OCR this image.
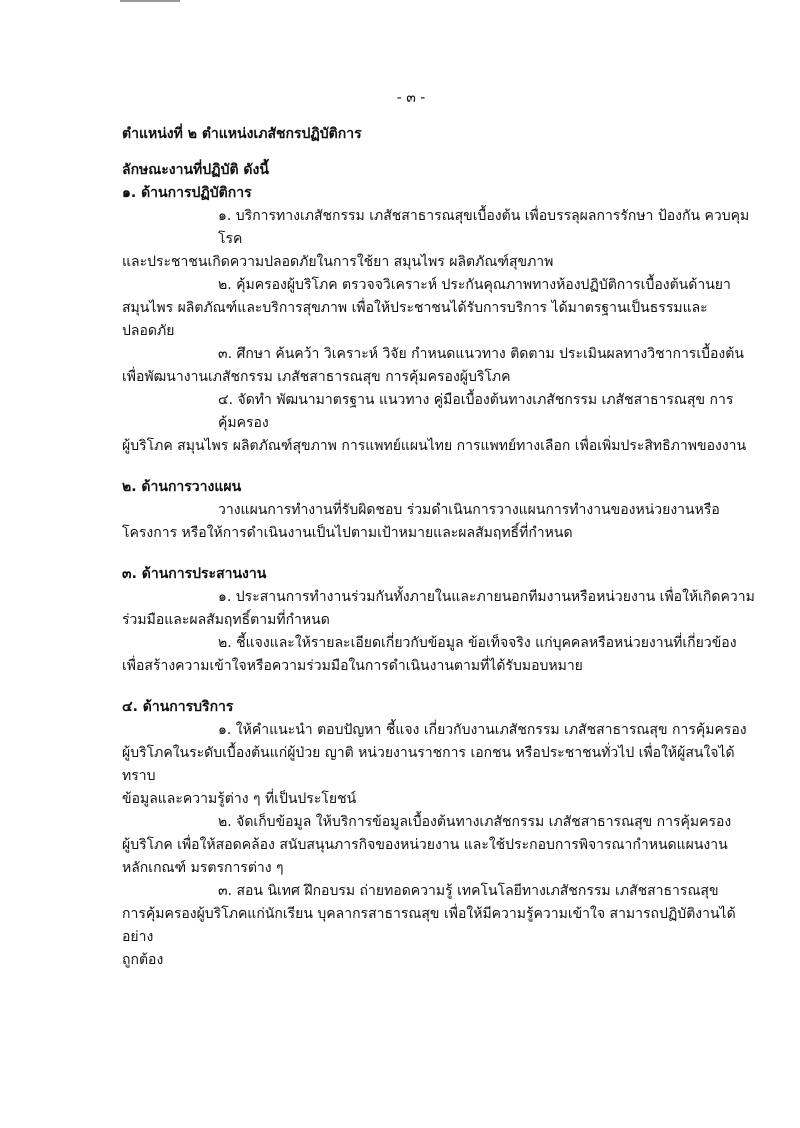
- ๓ -
ตำแหน่งที่ ๒ ตำแหน่งเภสัชกรปฏิบัติการ
ลักษณะงานที่ปฏิบัติ ดังนี้
๑. ด้านการปฏิบัติการ
๑. บริการทางเภสัชกรรม เภสัชสาธารณสุขเบื้องต้น เพื่อบรรลุผลการรักษา ป้องกัน ควบคุมโรค
และประชาชนเกิดความปลอดภัยในการใช้ยา สมุนไพร ผลิตภัณฑ์สุขภาพ
๒. คุ้มครองผู้บริโภค ตรวจจวิเคราะห์ ประกันคุณภาพทางห้องปฏิบัติการเบื้องต้นด้านยา
สมุนไพร ผลิตภัณฑ์และบริการสุขภาพ เพื่อให้ประชาชนได้รับการบริการ ได้มาตรฐานเป็นธรรมและปลอดภัย
๓. ศึกษา ค้นคว้า วิเคราะห์ วิจัย กำหนดแนวทาง ติดตาม ประเมินผลทางวิชาการเบื้องต้น
เพื่อพัฒนางานเภสัชกรรม เภสัชสาธารณสุข การคุ้มครองผู้บริโภค
๔. จัดทำ พัฒนามาตรฐาน แนวทาง คู่มือเบื้องต้นทางเภสัชกรรม เภสัชสาธารณสุข การคุ้มครอง
ผู้บริโภค สมุนไพร ผลิตภัณฑ์สุขภาพ การแพทย์แผนไทย การแพทย์ทางเลือก เพื่อเพิ่มประสิทธิภาพของงาน
๒. ด้านการวางแผน
วางแผนการทำงานที่รับผิดชอบ ร่วมดำเนินการวางแผนการทำงานของหน่วยงานหรือ
โครงการ หรือให้การดำเนินงานเป็นไปตามเป้าหมายและผลสัมฤทธิ์ที่กำหนด
๓. ด้านการประสานงาน
๑. ประสานการทำงานร่วมกันทั้งภายในและภายนอกทีมงานหรือหน่วยงาน เพื่อให้เกิดความ
ร่วมมือและผลสัมฤทธิ์ตามที่กำหนด
๒. ชี้แจงและให้รายละเอียดเกี่ยวกับข้อมูล ข้อเท็จจริง แก่บุคคลหรือหน่วยงานที่เกี่ยวข้อง
เพื่อสร้างความเข้าใจหรือความร่วมมือในการดำเนินงานตามที่ได้รับมอบหมาย
๔. ด้านการบริการ
๑. ให้คำแนะนำ ตอบปัญหา ชี้แจง เกี่ยวกับงานเภสัชกรรม เภสัชสาธารณสุข การคุ้มครอง
ผู้บริโภคในระดับเบื้องต้นแก่ผู้ป่วย ญาติ หน่วยงานราชการ เอกชน หรือประชาชนทั่วไป เพื่อให้ผู้สนใจได้ทราบ
ข้อมูลและความรู้ต่าง ๆ ที่เป็นประโยชน์
๒. จัดเก็บข้อมูล ให้บริการข้อมูลเบื้องต้นทางเภสัชกรรม เภสัชสาธารณสุข การคุ้มครอง
ผู้บริโภค เพื่อให้สอดคล้อง สนับสนุนภารกิจของหน่วยงาน และใช้ประกอบการพิจารณากำหนดแผนงาน
หลักเกณฑ์ มรตรการต่าง ๆ
๓. สอน นิเทศ ฝึกอบรม ถ่ายทอดความรู้ เทคโนโลยีทางเภสัชกรรม เภสัชสาธารณสุข
การคุ้มครองผู้บริโภคแก่นักเรียน บุคลากรสาธารณสุข เพื่อให้มีความรู้ความเข้าใจ สามารถปฏิบัติงานได้อย่าง
ถูกต้อง
